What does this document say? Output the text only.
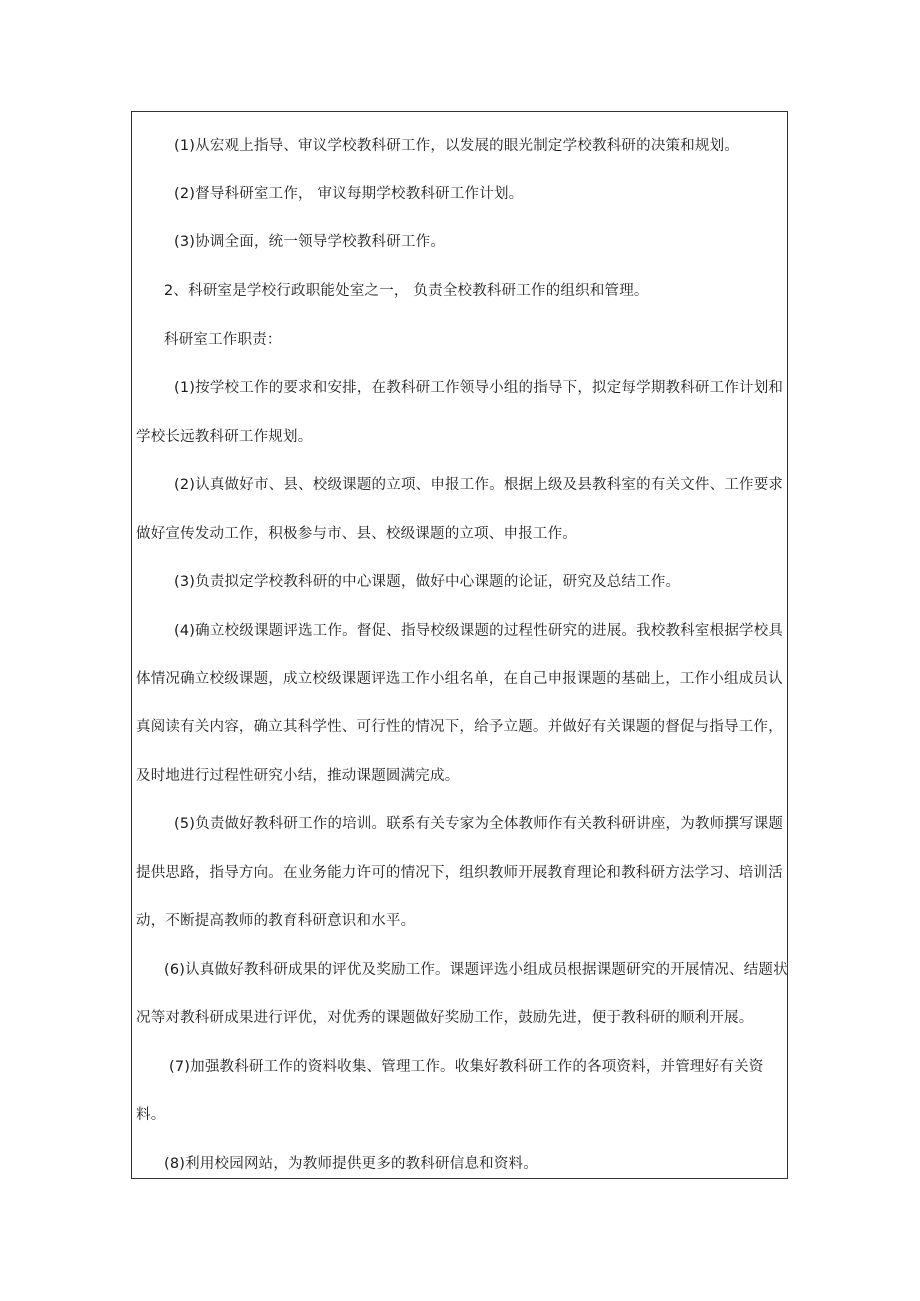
(1)从宏观上指导、审议学校教科研工作，以发展的眼光制定学校教科研的决策和规划。

(2)督导科研室工作， 审议每期学校教科研工作计划。

(3)协调全面，统一领导学校教科研工作。

2、科研室是学校行政职能处室之一， 负责全校教科研工作的组织和管理。

科研室工作职责：

(1)按学校工作的要求和安排，在教科研工作领导小组的指导下，拟定每学期教科研工作计划和

学校长远教科研工作规划。

(2)认真做好市、县、校级课题的立项、申报工作。根据上级及县教科室的有关文件、工作要求

做好宣传发动工作，积极参与市、县、校级课题的立项、申报工作。

(3)负责拟定学校教科研的中心课题，做好中心课题的论证，研究及总结工作。

(4)确立校级课题评选工作。督促、指导校级课题的过程性研究的进展。我校教科室根据学校具

体情况确立校级课题，成立校级课题评选工作小组名单，在自己申报课题的基础上，工作小组成员认

真阅读有关内容，确立其科学性、可行性的情况下，给予立题。并做好有关课题的督促与指导工作，

及时地进行过程性研究小结，推动课题圆满完成。

(5)负责做好教科研工作的培训。联系有关专家为全体教师作有关教科研讲座，为教师撰写课题

提供思路，指导方向。在业务能力许可的情况下，组织教师开展教育理论和教科研方法学习、培训活

动，不断提高教师的教育科研意识和水平。

(6)认真做好教科研成果的评优及奖励工作。课题评选小组成员根据课题研究的开展情况、结题状

况等对教科研成果进行评优，对优秀的课题做好奖励工作，鼓励先进，便于教科研的顺利开展。

(7)加强教科研工作的资料收集、管理工作。收集好教科研工作的各项资料，并管理好有关资

料。

(8)利用校园网站，为教师提供更多的教科研信息和资料。
